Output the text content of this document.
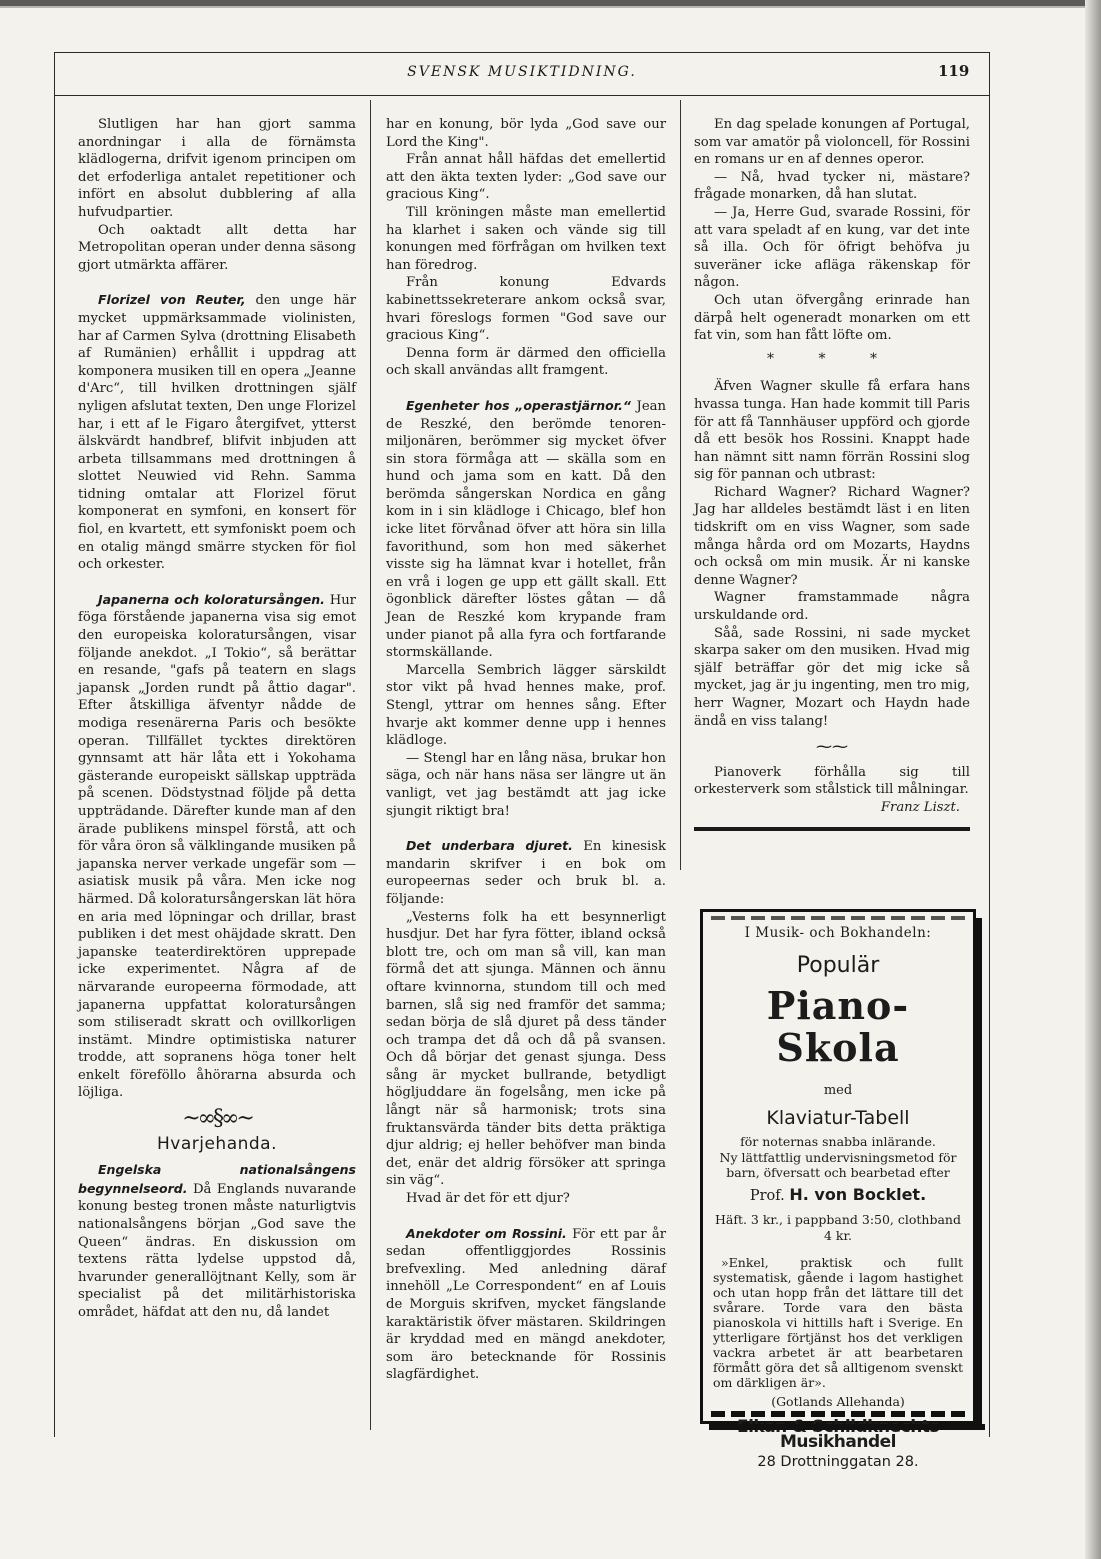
SVENSK MUSIKTIDNING.	119

Slutligen har han gjort samma anordningar i alla de förnämsta klädlogerna, drifvit igenom principen om det erfoderliga antalet repetitioner och infört en absolut dubblering af alla hufvudpartier.

Och oaktadt allt detta har Metropolitan operan under denna säsong gjort utmärkta affärer.

Florizel von Reuter, den unge här mycket uppmärksammade violinisten, har af Carmen Sylva (drottning Elisabeth af Rumänien) erhållit i uppdrag att komponera musiken till en opera „Jeanne d'Arc“, till hvilken drottningen själf nyligen afslutat texten, Den unge Florizel har, i ett af le Figaro återgifvet, ytterst älskvärdt handbref, blifvit inbjuden att arbeta tillsammans med drottningen å slottet Neuwied vid Rehn. Samma tidning omtalar att Florizel förut komponerat en symfoni, en konsert för fiol, en kvartett, ett symfoniskt poem och en otalig mängd smärre stycken för fiol och orkester.

Japanerna och koloratursången. Hur föga förstående japanerna visa sig emot den europeiska koloratursången, visar följande anekdot. „I Tokio“, så berättar en resande, "gafs på teatern en slags japansk „Jorden rundt på åttio dagar". Efter åtskilliga äfventyr nådde de modiga resenärerna Paris och besökte operan. Tillfället tycktes direktören gynnsamt att här låta ett i Yokohama gästerande europeiskt sällskap uppträda på scenen. Dödstystnad följde på detta uppträdande. Därefter kunde man af den ärade publikens minspel förstå, att och för våra öron så välklingande musiken på japanska nerver verkade ungefär som — asiatisk musik på våra. Men icke nog härmed. Då koloratursångerskan lät höra en aria med löpningar och drillar, brast publiken i det mest ohäjdade skratt. Den japanske teaterdirektören upprepade icke experimentet. Några af de närvarande europeerna förmodade, att japanerna uppfattat koloratursången som stiliseradt skratt och ovillkorligen instämt. Mindre optimistiska naturer trodde, att sopranens höga toner helt enkelt föreföllo åhörarna absurda och löjliga.

~∞§∞~
Hvarjehanda.

Engelska nationalsångens begynnelseord. Då Englands nuvarande konung besteg tronen måste naturligtvis nationalsångens början „God save the Queen“ ändras. En diskussion om textens rätta lydelse uppstod då, hvarunder generallöjtnant Kelly, som är specialist på det militärhistoriska området, häfdat att den nu, då landet

har en konung, bör lyda „God save our Lord the King".

Från annat håll häfdas det emellertid att den äkta texten lyder: „God save our gracious King“.

Till kröningen måste man emellertid ha klarhet i saken och vände sig till konungen med förfrågan om hvilken text han föredrog.

Från konung Edvards kabinettssekreterare ankom också svar, hvari föreslogs formen "God save our gracious King“.

Denna form är därmed den officiella och skall användas allt framgent.

Egenheter hos „operastjärnor.“ Jean de Reszké, den berömde tenoren-miljonären, berömmer sig mycket öfver sin stora förmåga att — skälla som en hund och jama som en katt. Då den berömda sångerskan Nordica en gång kom in i sin klädloge i Chicago, blef hon icke litet förvånad öfver att höra sin lilla favorithund, som hon med säkerhet visste sig ha lämnat kvar i hotellet, från en vrå i logen ge upp ett gällt skall. Ett ögonblick därefter löstes gåtan — då Jean de Reszké kom krypande fram under pianot på alla fyra och fortfarande stormskällande.

Marcella Sembrich lägger särskildt stor vikt på hvad hennes make, prof. Stengl, yttrar om hennes sång. Efter hvarje akt kommer denne upp i hennes klädloge.

— Stengl har en lång näsa, brukar hon säga, och när hans näsa ser längre ut än vanligt, vet jag bestämdt att jag icke sjungit riktigt bra!

Det underbara djuret. En kinesisk mandarin skrifver i en bok om europeernas seder och bruk bl. a. följande:

„Vesterns folk ha ett besynnerligt husdjur. Det har fyra fötter, ibland också blott tre, och om man så vill, kan man förmå det att sjunga. Männen och ännu oftare kvinnorna, stundom till och med barnen, slå sig ned framför det samma; sedan börja de slå djuret på dess tänder och trampa det då och då på svansen. Och då börjar det genast sjunga. Dess sång är mycket bullrande, betydligt högljuddare än fogelsång, men icke på långt när så harmonisk; trots sina fruktansvärda tänder bits detta präktiga djur aldrig; ej heller behöfver man binda det, enär det aldrig försöker att springa sin väg“.

Hvad är det för ett djur?

Anekdoter om Rossini. För ett par år sedan offentliggjordes Rossinis brefvexling. Med anledning däraf innehöll „Le Correspondent“ en af Louis de Morguis skrifven, mycket fängslande karaktäristik öfver mästaren. Skildringen är kryddad med en mängd anekdoter, som äro betecknande för Rossinis slagfärdighet.

En dag spelade konungen af Portugal, som var amatör på violoncell, för Rossini en romans ur en af dennes operor.

— Nå, hvad tycker ni, mästare? frågade monarken, då han slutat.

— Ja, Herre Gud, svarade Rossini, för att vara speladt af en kung, var det inte så illa. Och för öfrigt behöfva ju suveräner icke afläga räkenskap för någon.

Och utan öfvergång erinrade han därpå helt ogeneradt monarken om ett fat vin, som han fått löfte om.

* * *

Äfven Wagner skulle få erfara hans hvassa tunga. Han hade kommit till Paris för att få Tannhäuser uppförd och gjorde då ett besök hos Rossini. Knappt hade han nämnt sitt namn förrän Rossini slog sig för pannan och utbrast:

Richard Wagner? Richard Wagner? Jag har alldeles bestämdt läst i en liten tidskrift om en viss Wagner, som sade många hårda ord om Mozarts, Haydns och också om min musik. Är ni kanske denne Wagner?

Wagner framstammade några urskuldande ord.

Såå, sade Rossini, ni sade mycket skarpa saker om den musiken. Hvad mig själf beträffar gör det mig icke så mycket, jag är ju ingenting, men tro mig, herr Wagner, Mozart och Haydn hade ändå en viss talang!

⁓⁓

Pianoverk förhålla sig till orkesterverk som stålstick till målningar.

Franz Liszt.

I Musik- och Bokhandeln:
Populär
Piano-Skola
med
Klaviatur-Tabell
för noternas snabba inlärande.
Ny lättfattlig undervisningsmetod för barn, öfversatt och bearbetad efter
Prof. H. von Bocklet.
Häft. 3 kr., i pappband 3:50, clothband 4 kr.
»Enkel, praktisk och fullt systematisk, gående i lagom hastighet och utan hopp från det lättare till det svårare. Torde vara den bästa pianoskola vi hittills haft i Sverige. En ytterligare förtjänst hos det verkligen vackra arbetet är att bearbetaren förmått göra det så alltigenom svenskt om därkligen är».
(Gotlands Allehanda)
Musikhandel
28 Drottninggatan 28.
